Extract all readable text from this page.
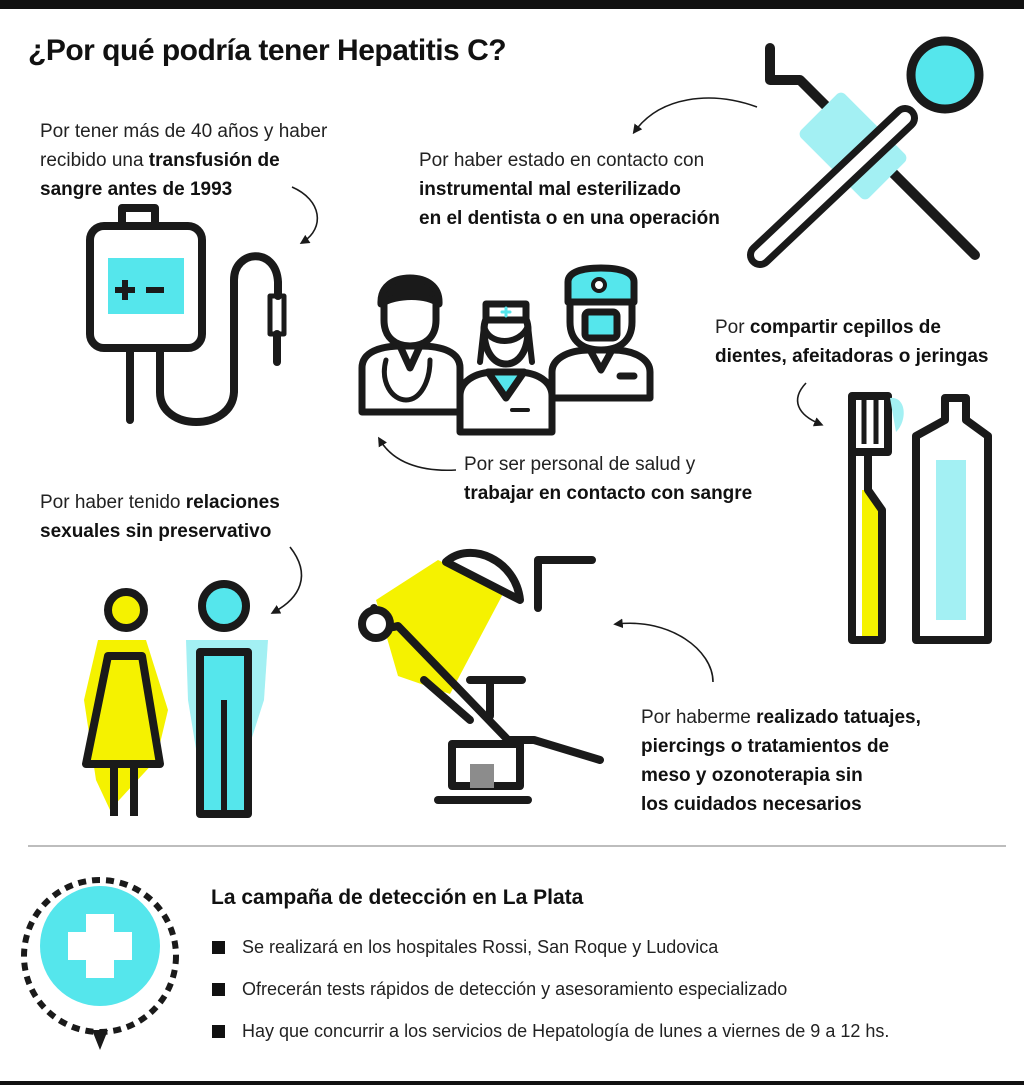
¿Por qué podría tener Hepatitis C?
Por tener más de 40 años y haber
recibido una transfusión de
sangre antes de 1993
Por haber estado en contacto con
instrumental mal esterilizado
en el dentista o en una operación
Por compartir cepillos de
dientes, afeitadoras o jeringas
Por ser personal de salud y
trabajar en contacto con sangre
Por haber tenido relaciones
sexuales sin preservativo
Por haberme realizado tatuajes,
piercings o tratamientos de
meso y ozonoterapia sin
los cuidados necesarios
La campaña de detección en La Plata
Se realizará en los hospitales Rossi, San Roque y Ludovica
Ofrecerán tests rápidos de detección y asesoramiento especializado
Hay que concurrir a los servicios de Hepatología de lunes a viernes de 9 a 12 hs.
